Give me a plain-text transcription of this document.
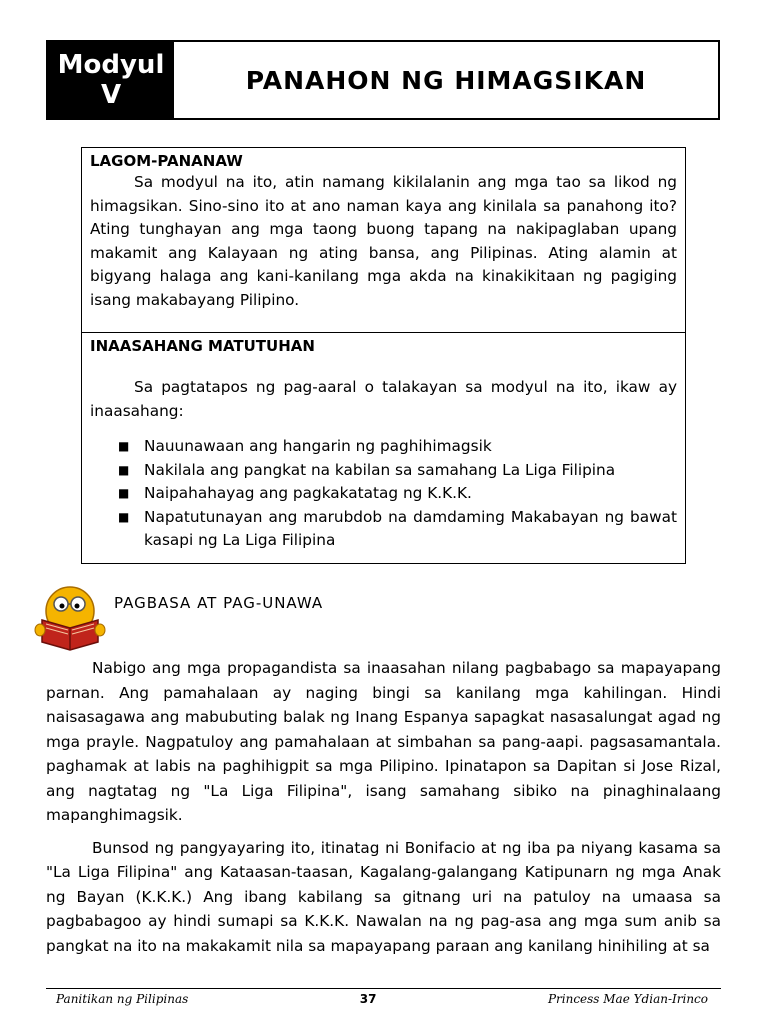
Modyul
V	PANAHON NG HIMAGSIKAN
LAGOM-PANANAW

Sa modyul na ito, atin namang kikilalanin ang mga tao sa likod ng himagsikan. Sino-sino ito at ano naman kaya ang kinilala sa panahong ito? Ating tunghayan ang mga taong buong tapang na nakipaglaban upang makamit ang Kalayaan ng ating bansa, ang Pilipinas. Ating alamin at bigyang halaga ang kani-kanilang mga akda na kinakikitaan ng pagiging isang makabayang Pilipino.

INAASAHANG MATUTUHAN

Sa pagtatapos ng pag-aaral o talakayan sa modyul na ito, ikaw ay inaasahang:

■ Nauunawaan ang hangarin ng paghihimagsik
■ Nakilala ang pangkat na kabilan sa samahang La Liga Filipina
■ Naipahahayag ang pagkakatatag ng K.K.K.
■ Napatutunayan ang marubdob na damdaming Makabayan ng bawat kasapi ng La Liga Filipina
PAGBASA AT PAG-UNAWA

Nabigo ang mga propagandista sa inaasahan nilang pagbabago sa mapayapang parnan. Ang pamahalaan ay naging bingi sa kanilang mga kahilingan. Hindi naisasagawa ang mabubuting balak ng Inang Espanya sapagkat nasasalungat agad ng mga prayle. Nagpatuloy ang pamahalaan at simbahan sa pang-aapi. pagsasamantala. paghamak at labis na paghihigpit sa mga Pilipino. Ipinatapon sa Dapitan si Jose Rizal, ang nagtatag ng "La Liga Filipina", isang samahang sibiko na pinaghinalaang mapanghimagsik.

Bunsod ng pangyayaring ito, itinatag ni Bonifacio at ng iba pa niyang kasama sa "La Liga Filipina" ang Kataasan-taasan, Kagalang-galangang Katipunarn ng mga Anak ng Bayan (K.K.K.) Ang ibang kabilang sa gitnang uri na patuloy na umaasa sa pagbabagoo ay hindi sumapi sa K.K.K. Nawalan na ng pag-asa ang mga sum anib sa pangkat na ito na makakamit nila sa mapayapang paraan ang kanilang hinihiling at sa

Panitikan ng Pilipinas	37	Princess Mae Ydian-Irinco
